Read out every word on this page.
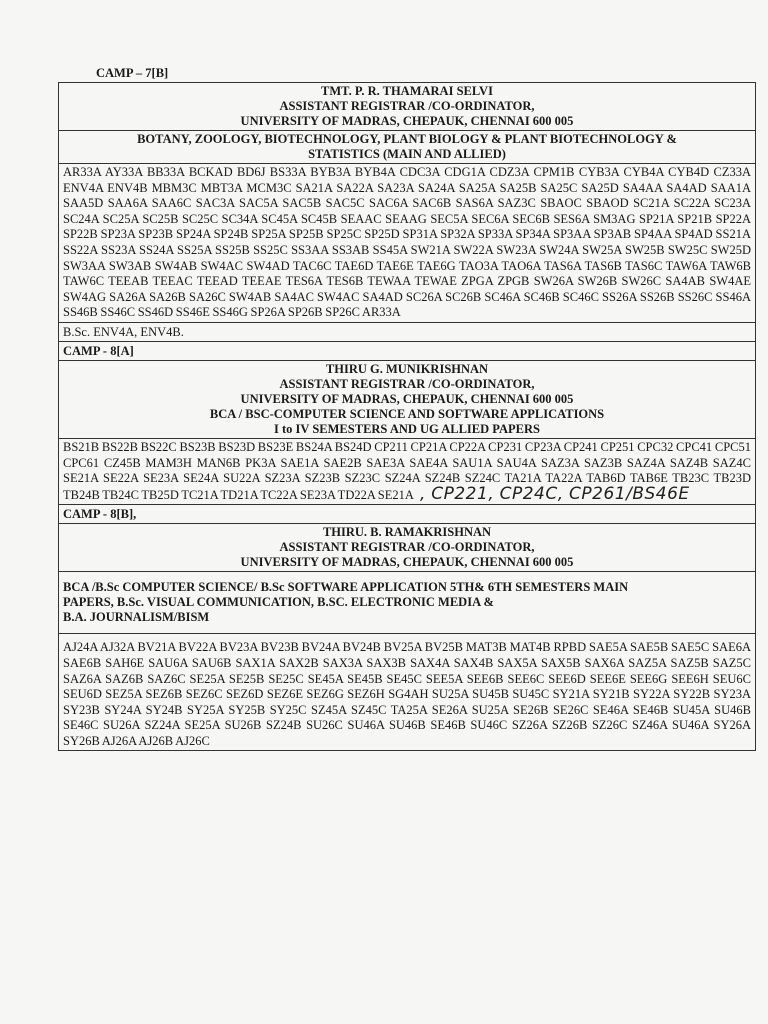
CAMP – 7[B]
TMT. P. R. THAMARAI SELVI
ASSISTANT REGISTRAR /CO-ORDINATOR,
UNIVERSITY OF MADRAS, CHEPAUK, CHENNAI 600 005

BOTANY, ZOOLOGY, BIOTECHNOLOGY, PLANT BIOLOGY & PLANT BIOTECHNOLOGY &
STATISTICS (MAIN AND ALLIED)

AR33A AY33A BB33A BCKAD BD6J BS33A BYB3A BYB4A CDC3A CDG1A CDZ3A CPM1B CYB3A CYB4A CYB4D CZ33A ENV4A ENV4B MBM3C MBT3A MCM3C SA21A SA22A SA23A SA24A SA25A SA25B SA25C SA25D SA4AA SA4AD SAA1A SAA5D SAA6A SAA6C SAC3A SAC5A SAC5B SAC5C SAC6A SAC6B SAS6A SAZ3C SBAOC SBAOD SC21A SC22A SC23A SC24A SC25A SC25B SC25C SC34A SC45A SC45B SEAAC SEAAG SEC5A SEC6A SEC6B SES6A SM3AG SP21A SP21B SP22A SP22B SP23A SP23B SP24A SP24B SP25A SP25B SP25C SP25D SP31A SP32A SP33A SP34A SP3AA SP3AB SP4AA SP4AD SS21A SS22A SS23A SS24A SS25A SS25B SS25C SS3AA SS3AB SS45A SW21A SW22A SW23A SW24A SW25A SW25B SW25C SW25D SW3AA SW3AB SW4AB SW4AC SW4AD TAC6C TAE6D TAE6E TAE6G TAO3A TAO6A TAS6A TAS6B TAS6C TAW6A TAW6B TAW6C TEEAB TEEAC TEEAD TEEAE TES6A TES6B TEWAA TEWAE ZPGA ZPGB SW26A SW26B SW26C SA4AB SW4AE SW4AG SA26A SA26B SA26C SW4AB SA4AC SW4AC SA4AD SC26A SC26B SC46A SC46B SC46C SS26A SS26B SS26C SS46A SS46B SS46C SS46D SS46E SS46G SP26A SP26B SP26C AR33A
B.Sc. ENV4A, ENV4B.
CAMP - 8[A]

THIRU G. MUNIKRISHNAN
ASSISTANT REGISTRAR /CO-ORDINATOR,
UNIVERSITY OF MADRAS, CHEPAUK, CHENNAI 600 005
BCA / BSC-COMPUTER SCIENCE AND SOFTWARE APPLICATIONS
I to IV SEMESTERS AND UG ALLIED PAPERS

BS21B BS22B BS22C BS23B BS23D BS23E BS24A BS24D CP211 CP21A CP22A CP231 CP23A CP241 CP251 CPC32 CPC41 CPC51 CPC61 CZ45B MAM3H MAN6B PK3A SAE1A SAE2B SAE3A SAE4A SAU1A SAU4A SAZ3A SAZ3B SAZ4A SAZ4B SAZ4C SE21A SE22A SE23A SE24A SU22A SZ23A SZ23B SZ23C SZ24A SZ24B SZ24C TA21A TA22A TAB6D TAB6E TB23C TB23D TB24B TB24C TB25D TC21A TD21A TC22A SE23A TD22A SE21A , CP221, CP24C, CP261/BS46E
CAMP - 8[B],

THIRU. B. RAMAKRISHNAN
ASSISTANT REGISTRAR /CO-ORDINATOR,
UNIVERSITY OF MADRAS, CHEPAUK, CHENNAI 600 005

BCA /B.Sc COMPUTER SCIENCE/ B.Sc SOFTWARE APPLICATION 5TH& 6TH SEMESTERS MAIN
PAPERS, B.Sc. VISUAL COMMUNICATION, B.SC. ELECTRONIC MEDIA &
B.A. JOURNALISM/BISM

AJ24A AJ32A BV21A BV22A BV23A BV23B BV24A BV24B BV25A BV25B MAT3B MAT4B RPBD SAE5A SAE5B SAE5C SAE6A SAE6B SAH6E SAU6A SAU6B SAX1A SAX2B SAX3A SAX3B SAX4A SAX4B SAX5A SAX5B SAX6A SAZ5A SAZ5B SAZ5C SAZ6A SAZ6B SAZ6C SE25A SE25B SE25C SE45A SE45B SE45C SEE5A SEE6B SEE6C SEE6D SEE6E SEE6G SEE6H SEU6C SEU6D SEZ5A SEZ6B SEZ6C SEZ6D SEZ6E SEZ6G SEZ6H SG4AH SU25A SU45B SU45C SY21A SY21B SY22A SY22B SY23A SY23B SY24A SY24B SY25A SY25B SY25C SZ45A SZ45C TA25A SE26A SU25A SE26B SE26C SE46A SE46B SU45A SU46B SE46C SU26A SZ24A SE25A SU26B SZ24B SU26C SU46A SU46B SE46B SU46C SZ26A SZ26B SZ26C SZ46A SU46A SY26A SY26B AJ26A AJ26B AJ26C
